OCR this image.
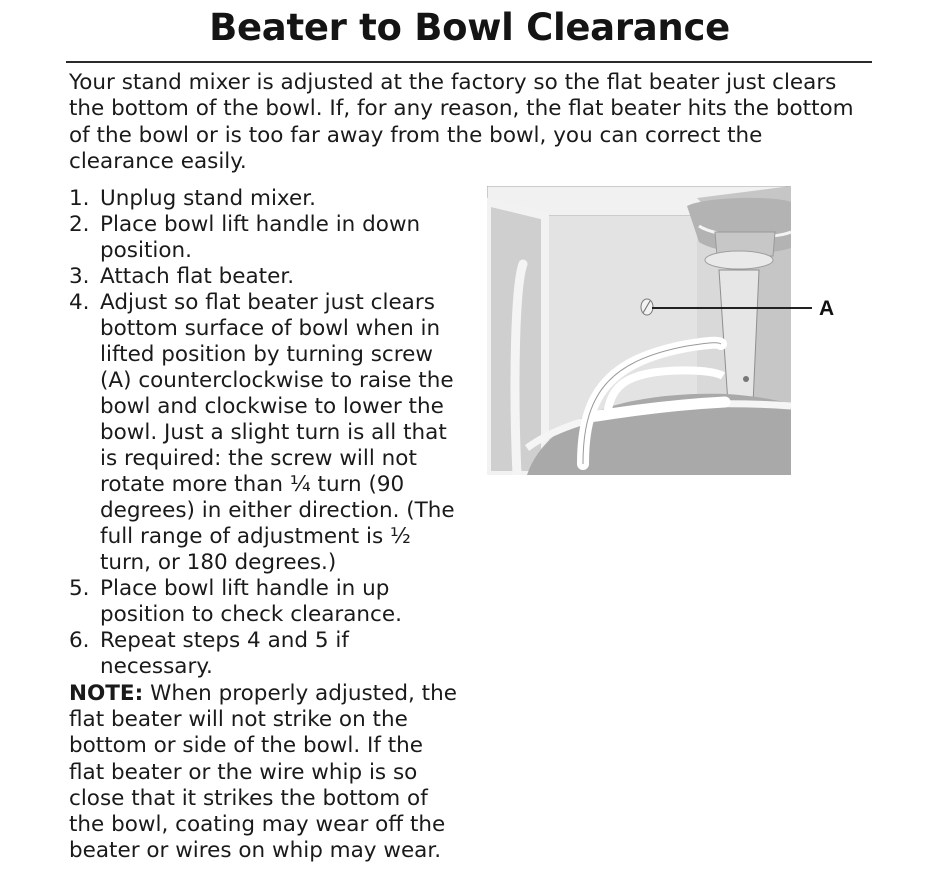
Beater to Bowl Clearance

Your stand mixer is adjusted at the factory so the flat beater just clears the bottom of the bowl. If, for any reason, the flat beater hits the bottom of the bowl or is too far away from the bowl, you can correct the clearance easily.

1. Unplug stand mixer.
2. Place bowl lift handle in down position.
3. Attach flat beater.
4. Adjust so flat beater just clears bottom surface of bowl when in lifted position by turning screw (A) counterclockwise to raise the bowl and clockwise to lower the bowl. Just a slight turn is all that is required: the screw will not rotate more than ¼ turn (90 degrees) in either direction. (The full range of adjustment is ½ turn, or 180 degrees.)
5. Place bowl lift handle in up position to check clearance.
6. Repeat steps 4 and 5 if necessary.

NOTE: When properly adjusted, the flat beater will not strike on the bottom or side of the bowl. If the flat beater or the wire whip is so close that it strikes the bottom of the bowl, coating may wear off the beater or wires on whip may wear.

A
